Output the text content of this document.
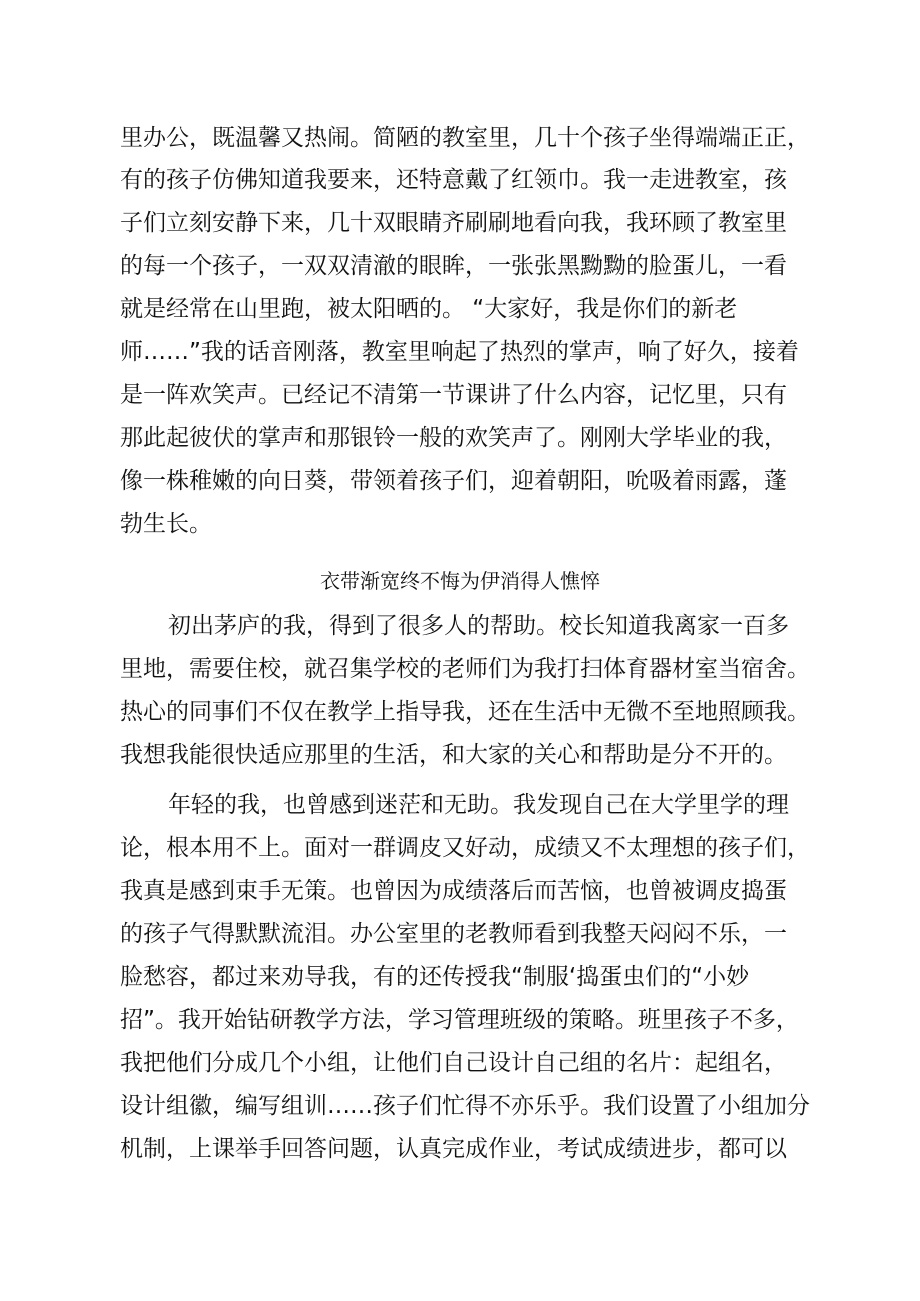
里办公，既温馨又热闹。简陋的教室里，几十个孩子坐得端端正正，
有的孩子仿佛知道我要来，还特意戴了红领巾。我一走进教室，孩
子们立刻安静下来，几十双眼睛齐刷刷地看向我，我环顾了教室里
的每一个孩子，一双双清澈的眼眸，一张张黑黝黝的脸蛋儿，一看
就是经常在山里跑，被太阳晒的。 “大家好，我是你们的新老
师……”我的话音刚落，教室里响起了热烈的掌声，响了好久，接着
是一阵欢笑声。已经记不清第一节课讲了什么内容，记忆里，只有
那此起彼伏的掌声和那银铃一般的欢笑声了。刚刚大学毕业的我，
像一株稚嫩的向日葵，带领着孩子们，迎着朝阳，吮吸着雨露，蓬
勃生长。
衣带渐宽终不悔为伊消得人憔悴
初出茅庐的我，得到了很多人的帮助。校长知道我离家一百多
里地，需要住校，就召集学校的老师们为我打扫体育器材室当宿舍。
热心的同事们不仅在教学上指导我，还在生活中无微不至地照顾我。
我想我能很快适应那里的生活，和大家的关心和帮助是分不开的。
年轻的我，也曾感到迷茫和无助。我发现自己在大学里学的理
论，根本用不上。面对一群调皮又好动，成绩又不太理想的孩子们，
我真是感到束手无策。也曾因为成绩落后而苦恼，也曾被调皮捣蛋
的孩子气得默默流泪。办公室里的老教师看到我整天闷闷不乐，一
脸愁容，都过来劝导我，有的还传授我“制服‘捣蛋虫们的“小妙
招”。我开始钻研教学方法，学习管理班级的策略。班里孩子不多，
我把他们分成几个小组，让他们自己设计自己组的名片：起组名，
设计组徽，编写组训……孩子们忙得不亦乐乎。我们设置了小组加分
机制，上课举手回答问题，认真完成作业，考试成绩进步，都可以
